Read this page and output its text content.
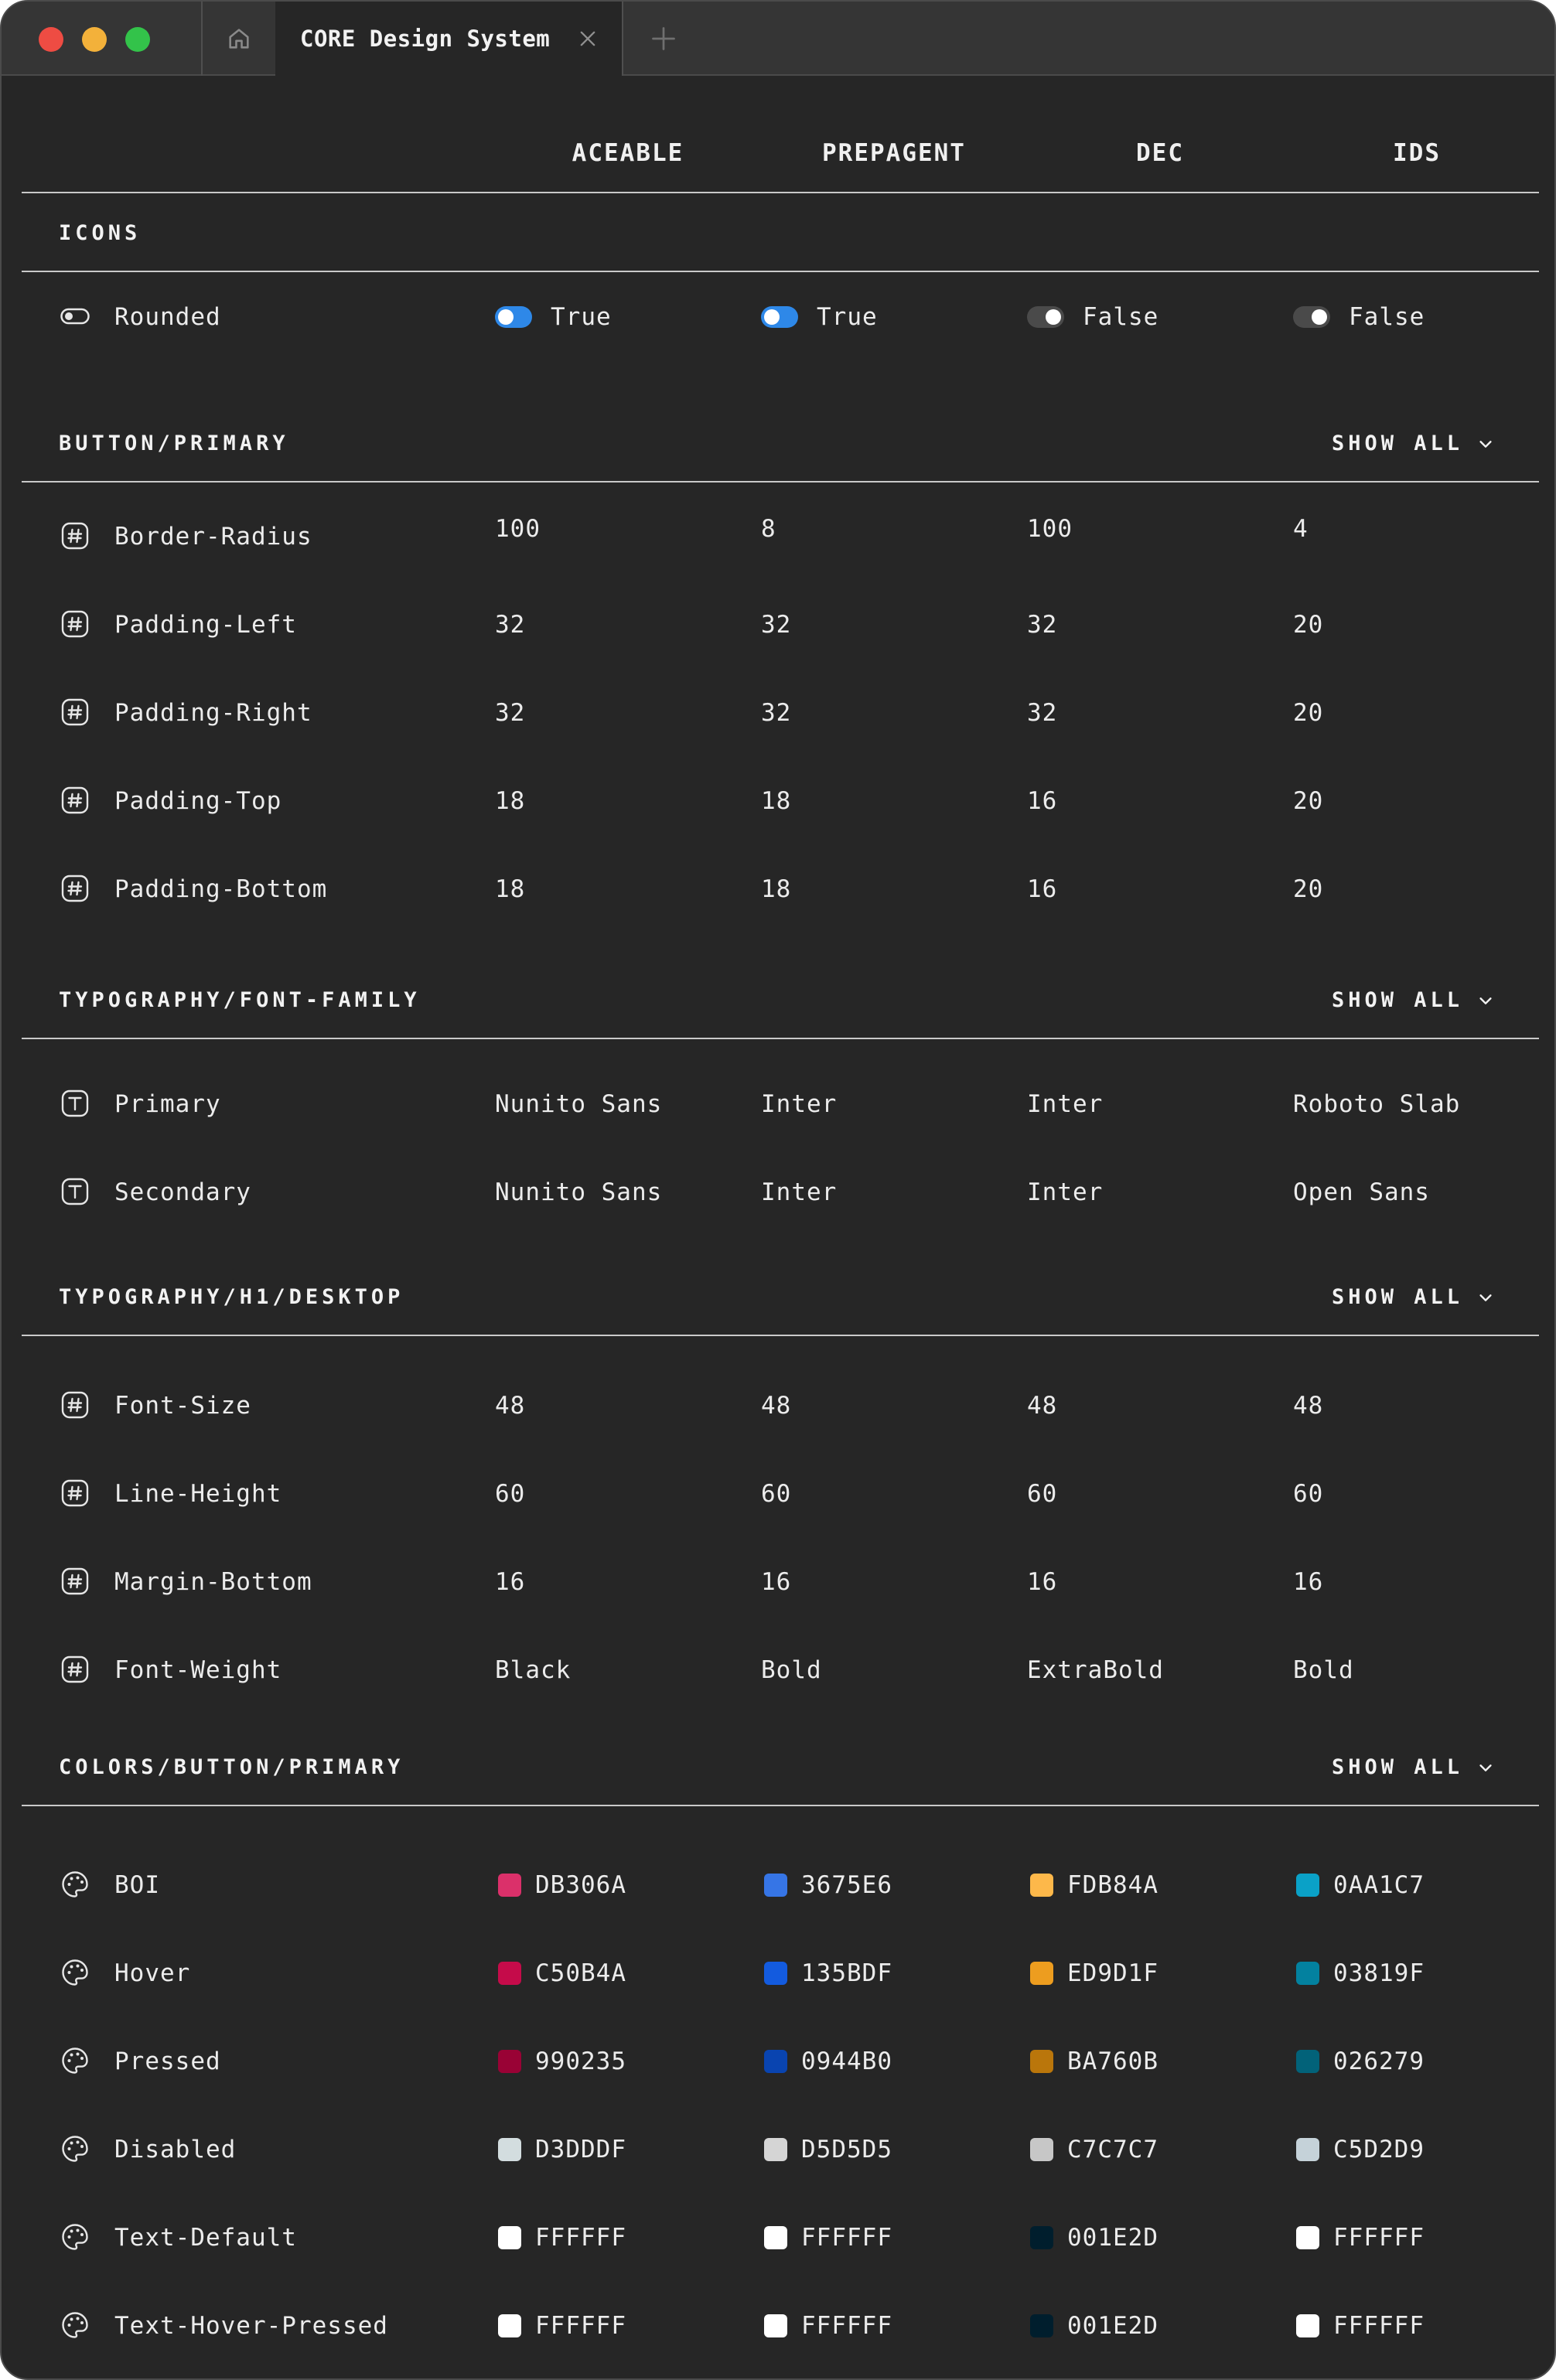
CORE Design System
ACEABLE	PREPAGENT	DEC	IDS
ICONS
Rounded	True	True	False	False
BUTTON/PRIMARY	SHOW ALL
Border-Radius	100	8	100	4
Padding-Left	32	32	32	20
Padding-Right	32	32	32	20
Padding-Top	18	18	16	20
Padding-Bottom	18	18	16	20
TYPOGRAPHY/FONT-FAMILY	SHOW ALL
Primary	Nunito Sans	Inter	Inter	Roboto Slab
Secondary	Nunito Sans	Inter	Inter	Open Sans
TYPOGRAPHY/H1/DESKTOP	SHOW ALL
Font-Size	48	48	48	48
Line-Height	60	60	60	60
Margin-Bottom	16	16	16	16
Font-Weight	Black	Bold	ExtraBold	Bold
COLORS/BUTTON/PRIMARY	SHOW ALL
BOI	DB306A	3675E6	FDB84A	0AA1C7
Hover	C50B4A	135BDF	ED9D1F	03819F
Pressed	990235	0944B0	BA760B	026279
Disabled	D3DDDF	D5D5D5	C7C7C7	C5D2D9
Text-Default	FFFFFF	FFFFFF	001E2D	FFFFFF
Text-Hover-Pressed	FFFFFF	FFFFFF	001E2D	FFFFFF
